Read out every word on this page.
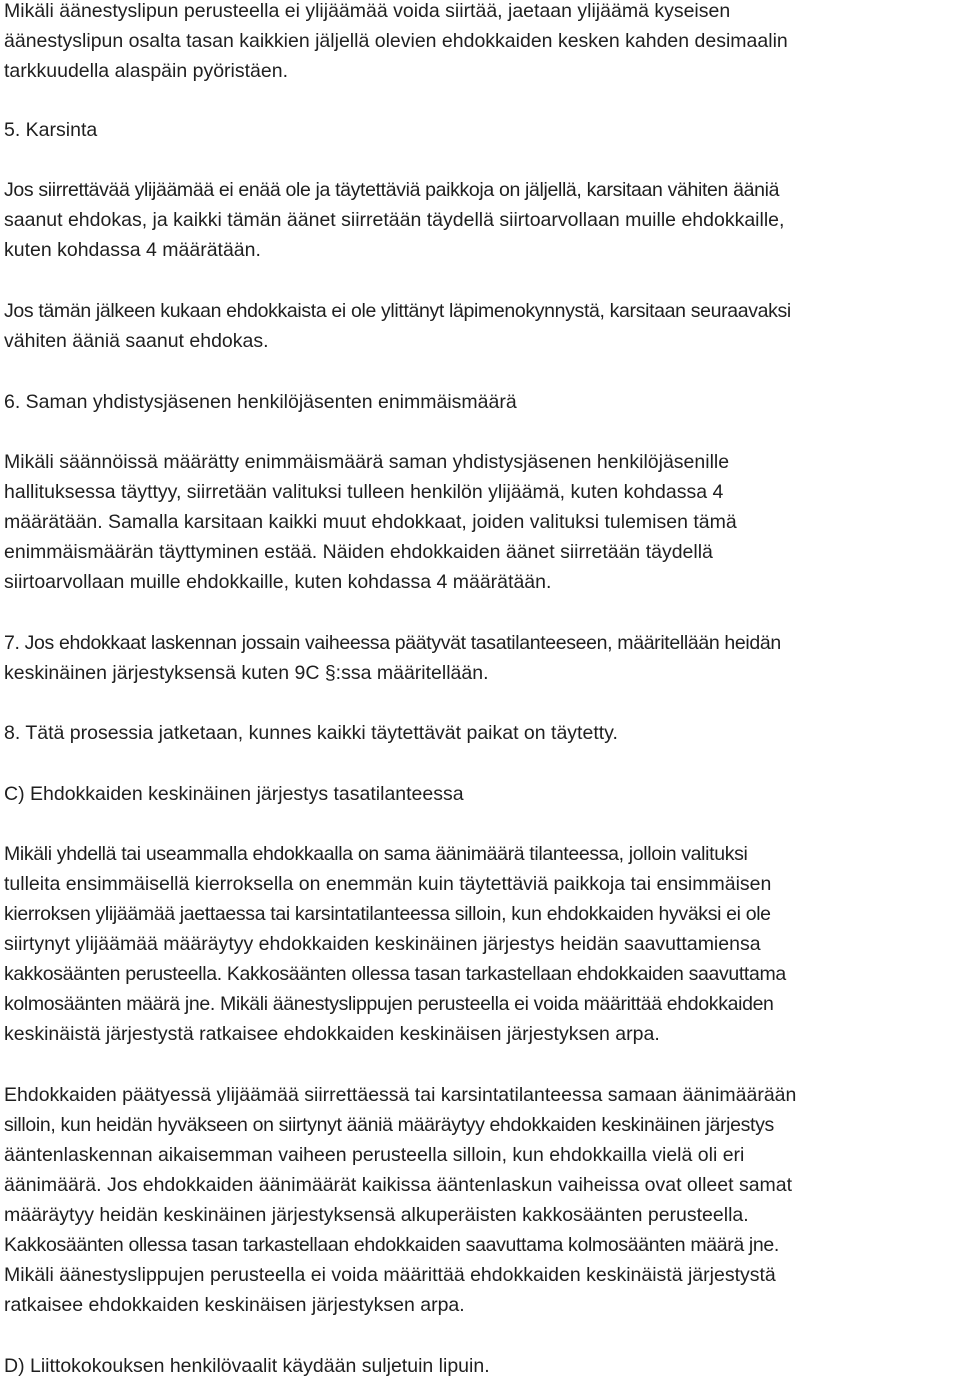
Mikäli äänestyslipun perusteella ei ylijäämää voida siirtää, jaetaan ylijäämä kyseisen
äänestyslipun osalta tasan kaikkien jäljellä olevien ehdokkaiden kesken kahden desimaalin
tarkkuudella alaspäin pyöristäen.
5. Karsinta
Jos siirrettävää ylijäämää ei enää ole ja täytettäviä paikkoja on jäljellä, karsitaan vähiten ääniä
saanut ehdokas, ja kaikki tämän äänet siirretään täydellä siirtoarvollaan muille ehdokkaille,
kuten kohdassa 4 määrätään.
Jos tämän jälkeen kukaan ehdokkaista ei ole ylittänyt läpimenokynnystä, karsitaan seuraavaksi
vähiten ääniä saanut ehdokas.
6. Saman yhdistysjäsenen henkilöjäsenten enimmäismäärä
Mikäli säännöissä määrätty enimmäismäärä saman yhdistysjäsenen henkilöjäsenille
hallituksessa täyttyy, siirretään valituksi tulleen henkilön ylijäämä, kuten kohdassa 4
määrätään. Samalla karsitaan kaikki muut ehdokkaat, joiden valituksi tulemisen tämä
enimmäismäärän täyttyminen estää. Näiden ehdokkaiden äänet siirretään täydellä
siirtoarvollaan muille ehdokkaille, kuten kohdassa 4 määrätään.
7. Jos ehdokkaat laskennan jossain vaiheessa päätyvät tasatilanteeseen, määritellään heidän
keskinäinen järjestyksensä kuten 9C §:ssa määritellään.
8. Tätä prosessia jatketaan, kunnes kaikki täytettävät paikat on täytetty.
C) Ehdokkaiden keskinäinen järjestys tasatilanteessa
Mikäli yhdellä tai useammalla ehdokkaalla on sama äänimäärä tilanteessa, jolloin valituksi
tulleita ensimmäisellä kierroksella on enemmän kuin täytettäviä paikkoja tai ensimmäisen
kierroksen ylijäämää jaettaessa tai karsintatilanteessa silloin, kun ehdokkaiden hyväksi ei ole
siirtynyt ylijäämää määräytyy ehdokkaiden keskinäinen järjestys heidän saavuttamiensa
kakkosäänten perusteella. Kakkosäänten ollessa tasan tarkastellaan ehdokkaiden saavuttama
kolmosäänten määrä jne. Mikäli äänestyslippujen perusteella ei voida määrittää ehdokkaiden
keskinäistä järjestystä ratkaisee ehdokkaiden keskinäisen järjestyksen arpa.
Ehdokkaiden päätyessä ylijäämää siirrettäessä tai karsintatilanteessa samaan äänimäärään
silloin, kun heidän hyväkseen on siirtynyt ääniä määräytyy ehdokkaiden keskinäinen järjestys
ääntenlaskennan aikaisemman vaiheen perusteella silloin, kun ehdokkailla vielä oli eri
äänimäärä. Jos ehdokkaiden äänimäärät kaikissa ääntenlaskun vaiheissa ovat olleet samat
määräytyy heidän keskinäinen järjestyksensä alkuperäisten kakkosäänten perusteella.
Kakkosäänten ollessa tasan tarkastellaan ehdokkaiden saavuttama kolmosäänten määrä jne.
Mikäli äänestyslippujen perusteella ei voida määrittää ehdokkaiden keskinäistä järjestystä
ratkaisee ehdokkaiden keskinäisen järjestyksen arpa.
D) Liittokokouksen henkilövaalit käydään suljetuin lipuin.
